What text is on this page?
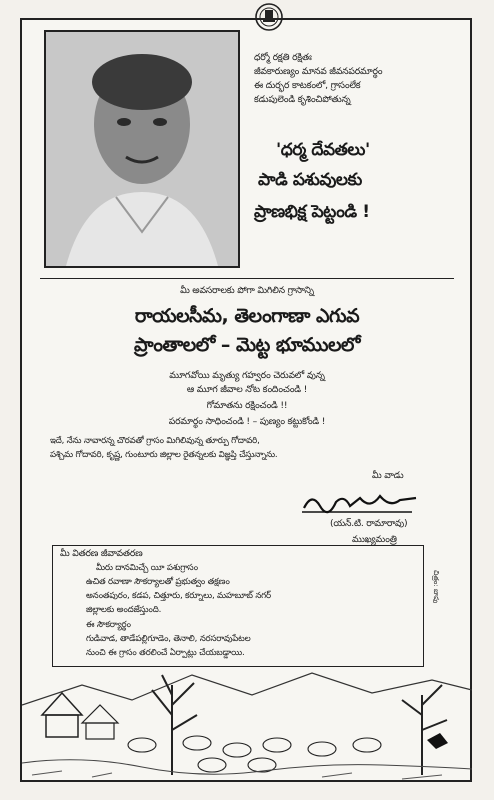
ధర్మో రక్షతి రక్షితః
జీవకారుణ్యం మానవ జీవనపరమార్థం
ఈ దుర్భర కాటకంలో, గ్రాసంలేక
కడుపులెండి కృశించిపోతున్న
'ధర్మ దేవతలు'
పాడి పశువులకు
ప్రాణభిక్ష పెట్టండి !
మీ అవసరాలకు పోగా మిగిలిన గ్రాసాన్ని
రాయలసీమ, తెలంగాణా ఎగువ
ప్రాంతాలలో – మెట్ట భూములలో
మూగవోయి మృత్యు గహ్వరం చెరువలో వున్న
ఆ మూగ జీవాల నోట కందించండి !
గోమాతను రక్షించండి !!
పరమార్థం సాధించండి ! – పుణ్యం కట్టుకోండి !
ఇదే, నేను నావారన్న చొరవతో గ్రాసం మిగిలివున్న తూర్పు గోదావరి,
పశ్చిమ గోదావరి, కృష్ణ, గుంటూరు జిల్లాల రైతన్నలకు విజ్ఞప్తి చేస్తున్నాను.
మీ వాడు
(యన్.టి. రామారావు)
ముఖ్యమంత్రి
మీ వితరణ జీవావతరణ
మీరు దానమిచ్చే యీ పశుగ్రాసం
ఉచిత రవాణా సౌకర్యాలతో ప్రభుత్వం తక్షణం
అనంతపురం, కడప, చిత్తూరు, కర్నూలు, మహబూబ్ నగర్
జిల్లాలకు అందజేస్తుంది.
ఈ సౌకర్యార్థం
గుడివాడ, తాడేపల్లిగూడెం, తెనాలి, నరసరావుపేటల
నుంచి ఈ గ్రాసం తరలించే ఏర్పాట్లు చేయబడ్డాయి.
చిత్రం: బాపు
